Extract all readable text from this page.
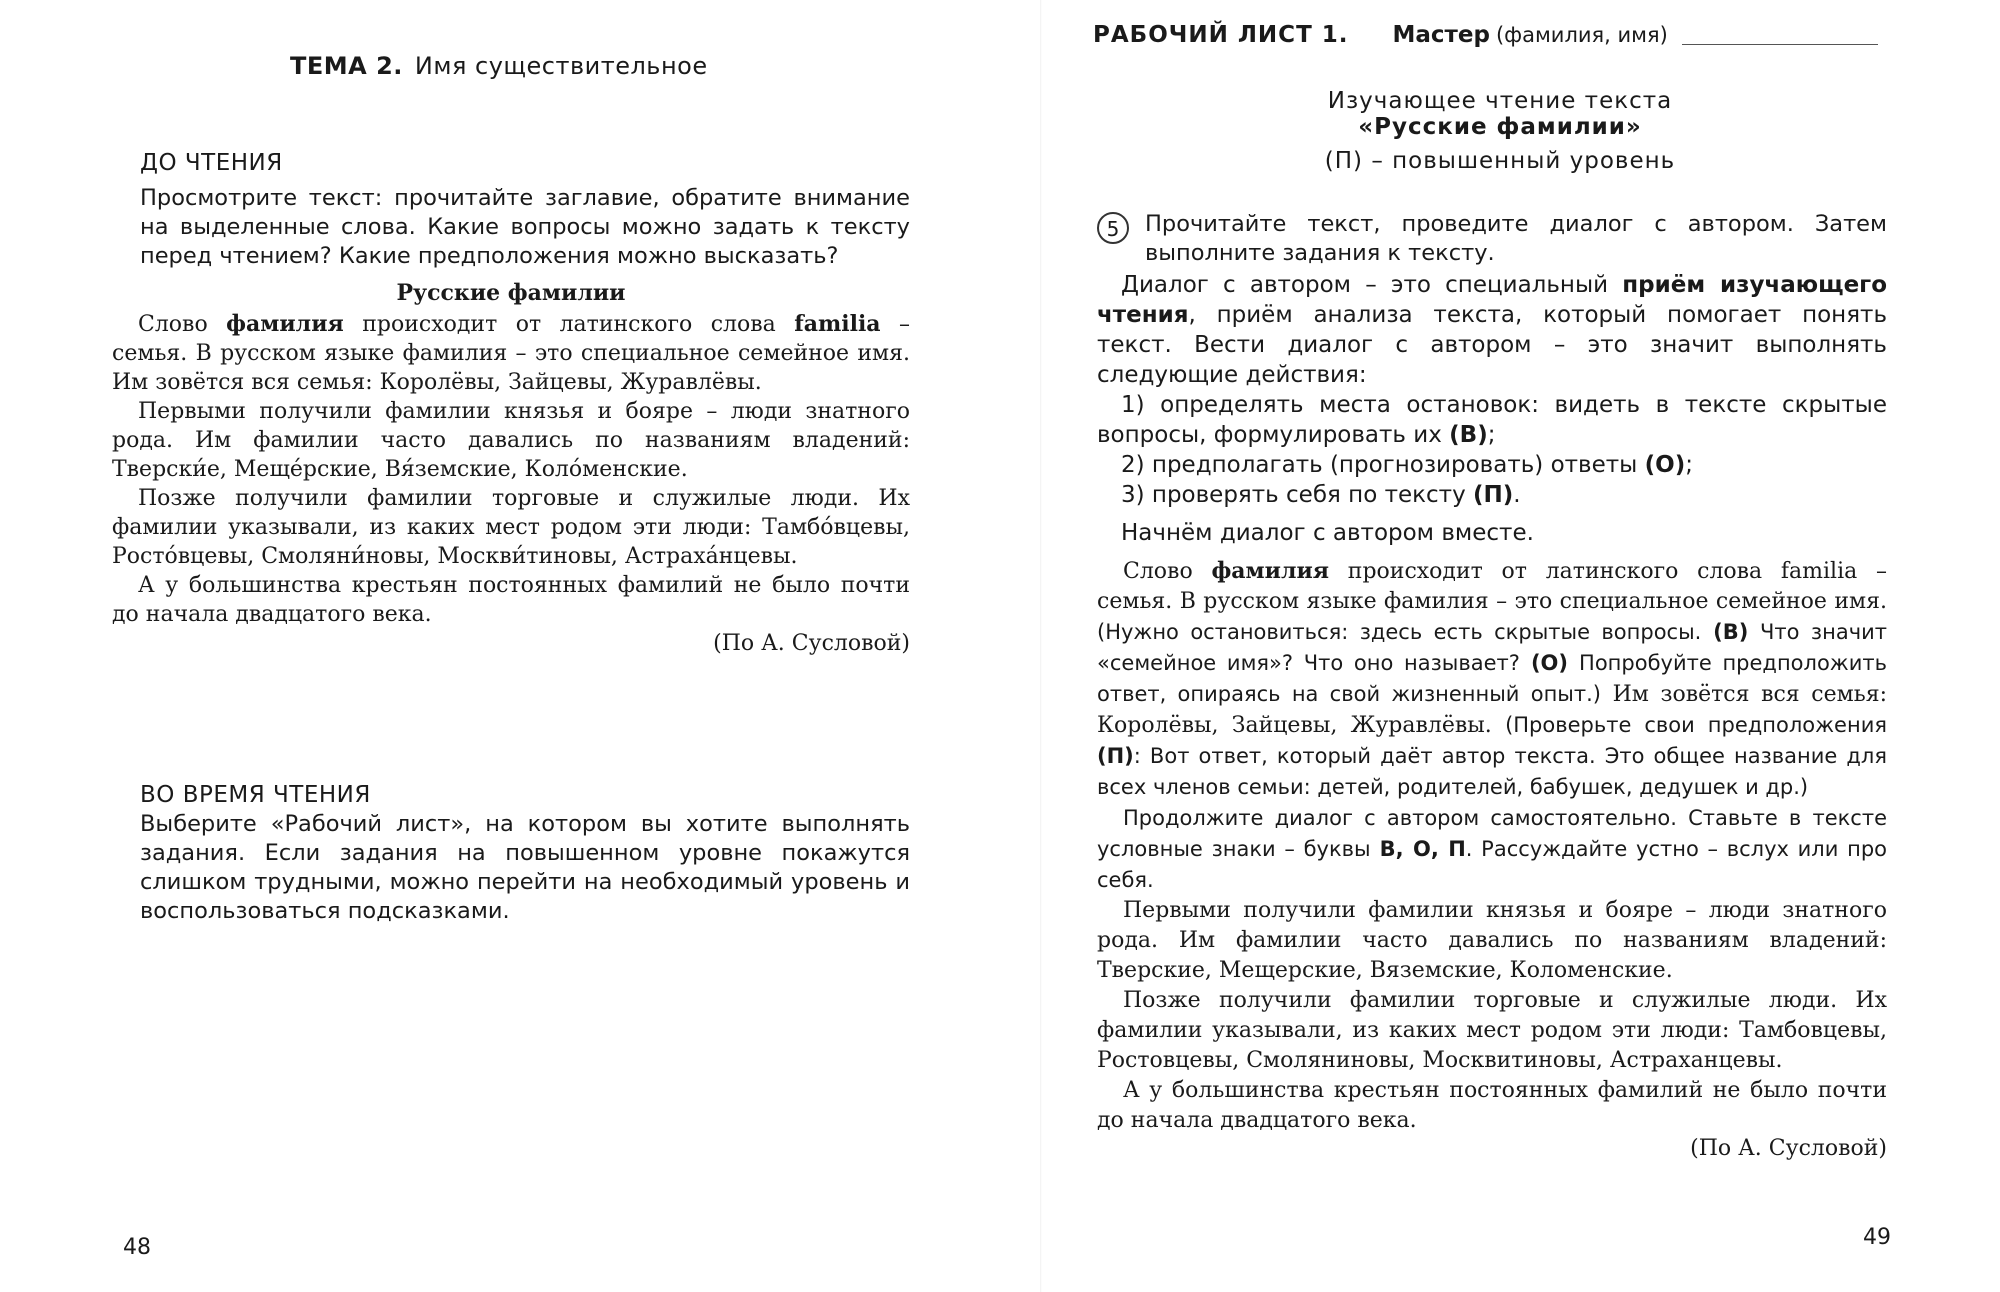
ТЕМА 2. Имя существительное

ДО ЧТЕНИЯ

Просмотрите текст: прочитайте заглавие, обратите внимание на выделенные слова. Какие вопросы можно задать к тексту перед чтением? Какие предположения можно высказать?

Русские фамилии

Слово фамилия происходит от латинского слова familia – семья. В русском языке фамилия – это специальное семейное имя. Им зовётся вся семья: Королёвы, Зайцевы, Журавлёвы.

Первыми получили фамилии князья и бояре – люди знатного рода. Им фамилии часто давались по названиям владений: Тверски́е, Меще́рские, Вя́земские, Коло́менские.

Позже получили фамилии торговые и служилые люди. Их фамилии указывали, из каких мест родом эти люди: Тамбо́вцевы, Росто́вцевы, Смоляни́новы, Москви́тиновы, Астраха́нцевы.

А у большинства крестьян постоянных фамилий не было почти до начала двадцатого века.

(По А. Сусловой)

ВО ВРЕМЯ ЧТЕНИЯ

Выберите «Рабочий лист», на котором вы хотите выполнять задания. Если задания на повышенном уровне покажутся слишком трудными, можно перейти на необходимый уровень и воспользоваться подсказками.

48
РАБОЧИЙ ЛИСТ 1. Мастер (фамилия, имя)

Изучающее чтение текста

«Русские фамилии»

(П) – повышенный уровень

5	Прочитайте текст, проведите диалог с автором. Затем выполните задания к тексту.

Диалог с автором – это специальный приём изучающего чтения, приём анализа текста, который помогает понять текст. Вести диалог с автором – это значит выполнять следующие действия:

1) определять места остановок: видеть в тексте скрытые вопросы, формулировать их (В);

2) предполагать (прогнозировать) ответы (О);

3) проверять себя по тексту (П).

Начнём диалог с автором вместе.

Слово фамилия происходит от латинского слова familia – семья. В русском языке фамилия – это специальное семейное имя. (Нужно остановиться: здесь есть скрытые вопросы. (В) Что значит «семейное имя»? Что оно называет? (О) Попробуйте предположить ответ, опираясь на свой жизненный опыт.) Им зовётся вся семья: Королёвы, Зайцевы, Журавлёвы. (Проверьте свои предположения (П): Вот ответ, который даёт автор текста. Это общее название для всех членов семьи: детей, родителей, бабушек, дедушек и др.)

Продолжите диалог с автором самостоятельно. Ставьте в тексте условные знаки – буквы В, О, П. Рассуждайте устно – вслух или про себя.

Первыми получили фамилии князья и бояре – люди знатного рода. Им фамилии часто давались по названиям владений: Тверские, Мещерские, Вяземские, Коломенские.

Позже получили фамилии торговые и служилые люди. Их фамилии указывали, из каких мест родом эти люди: Тамбовцевы, Ростовцевы, Смоляниновы, Москвитиновы, Астраханцевы.

А у большинства крестьян постоянных фамилий не было почти до начала двадцатого века.

(По А. Сусловой)

49
